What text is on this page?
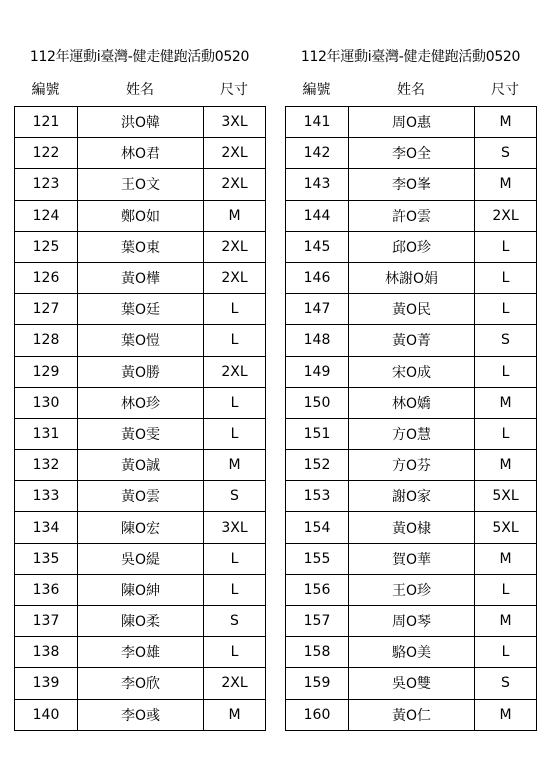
112年運動i臺灣-健走健跑活動0520
編號	姓名	尺寸
121	洪O韓	3XL
122	林O君	2XL
123	王O文	2XL
124	鄭O如	M
125	葉O東	2XL
126	黃O樺	2XL
127	葉O廷	L
128	葉O愷	L
129	黃O勝	2XL
130	林O珍	L
131	黃O雯	L
132	黃O誠	M
133	黃O雲	S
134	陳O宏	3XL
135	吳O緹	L
136	陳O紳	L
137	陳O柔	S
138	李O雄	L
139	李O欣	2XL
140	李O彧	M
112年運動i臺灣-健走健跑活動0520
編號	姓名	尺寸
141	周O惠	M
142	李O全	S
143	李O峯	M
144	許O雲	2XL
145	邱O珍	L
146	林謝O娟	L
147	黃O民	L
148	黃O菁	S
149	宋O成	L
150	林O嬌	M
151	方O慧	L
152	方O芬	M
153	謝O家	5XL
154	黃O棣	5XL
155	賀O華	M
156	王O珍	L
157	周O琴	M
158	駱O美	L
159	吳O雙	S
160	黃O仁	M
